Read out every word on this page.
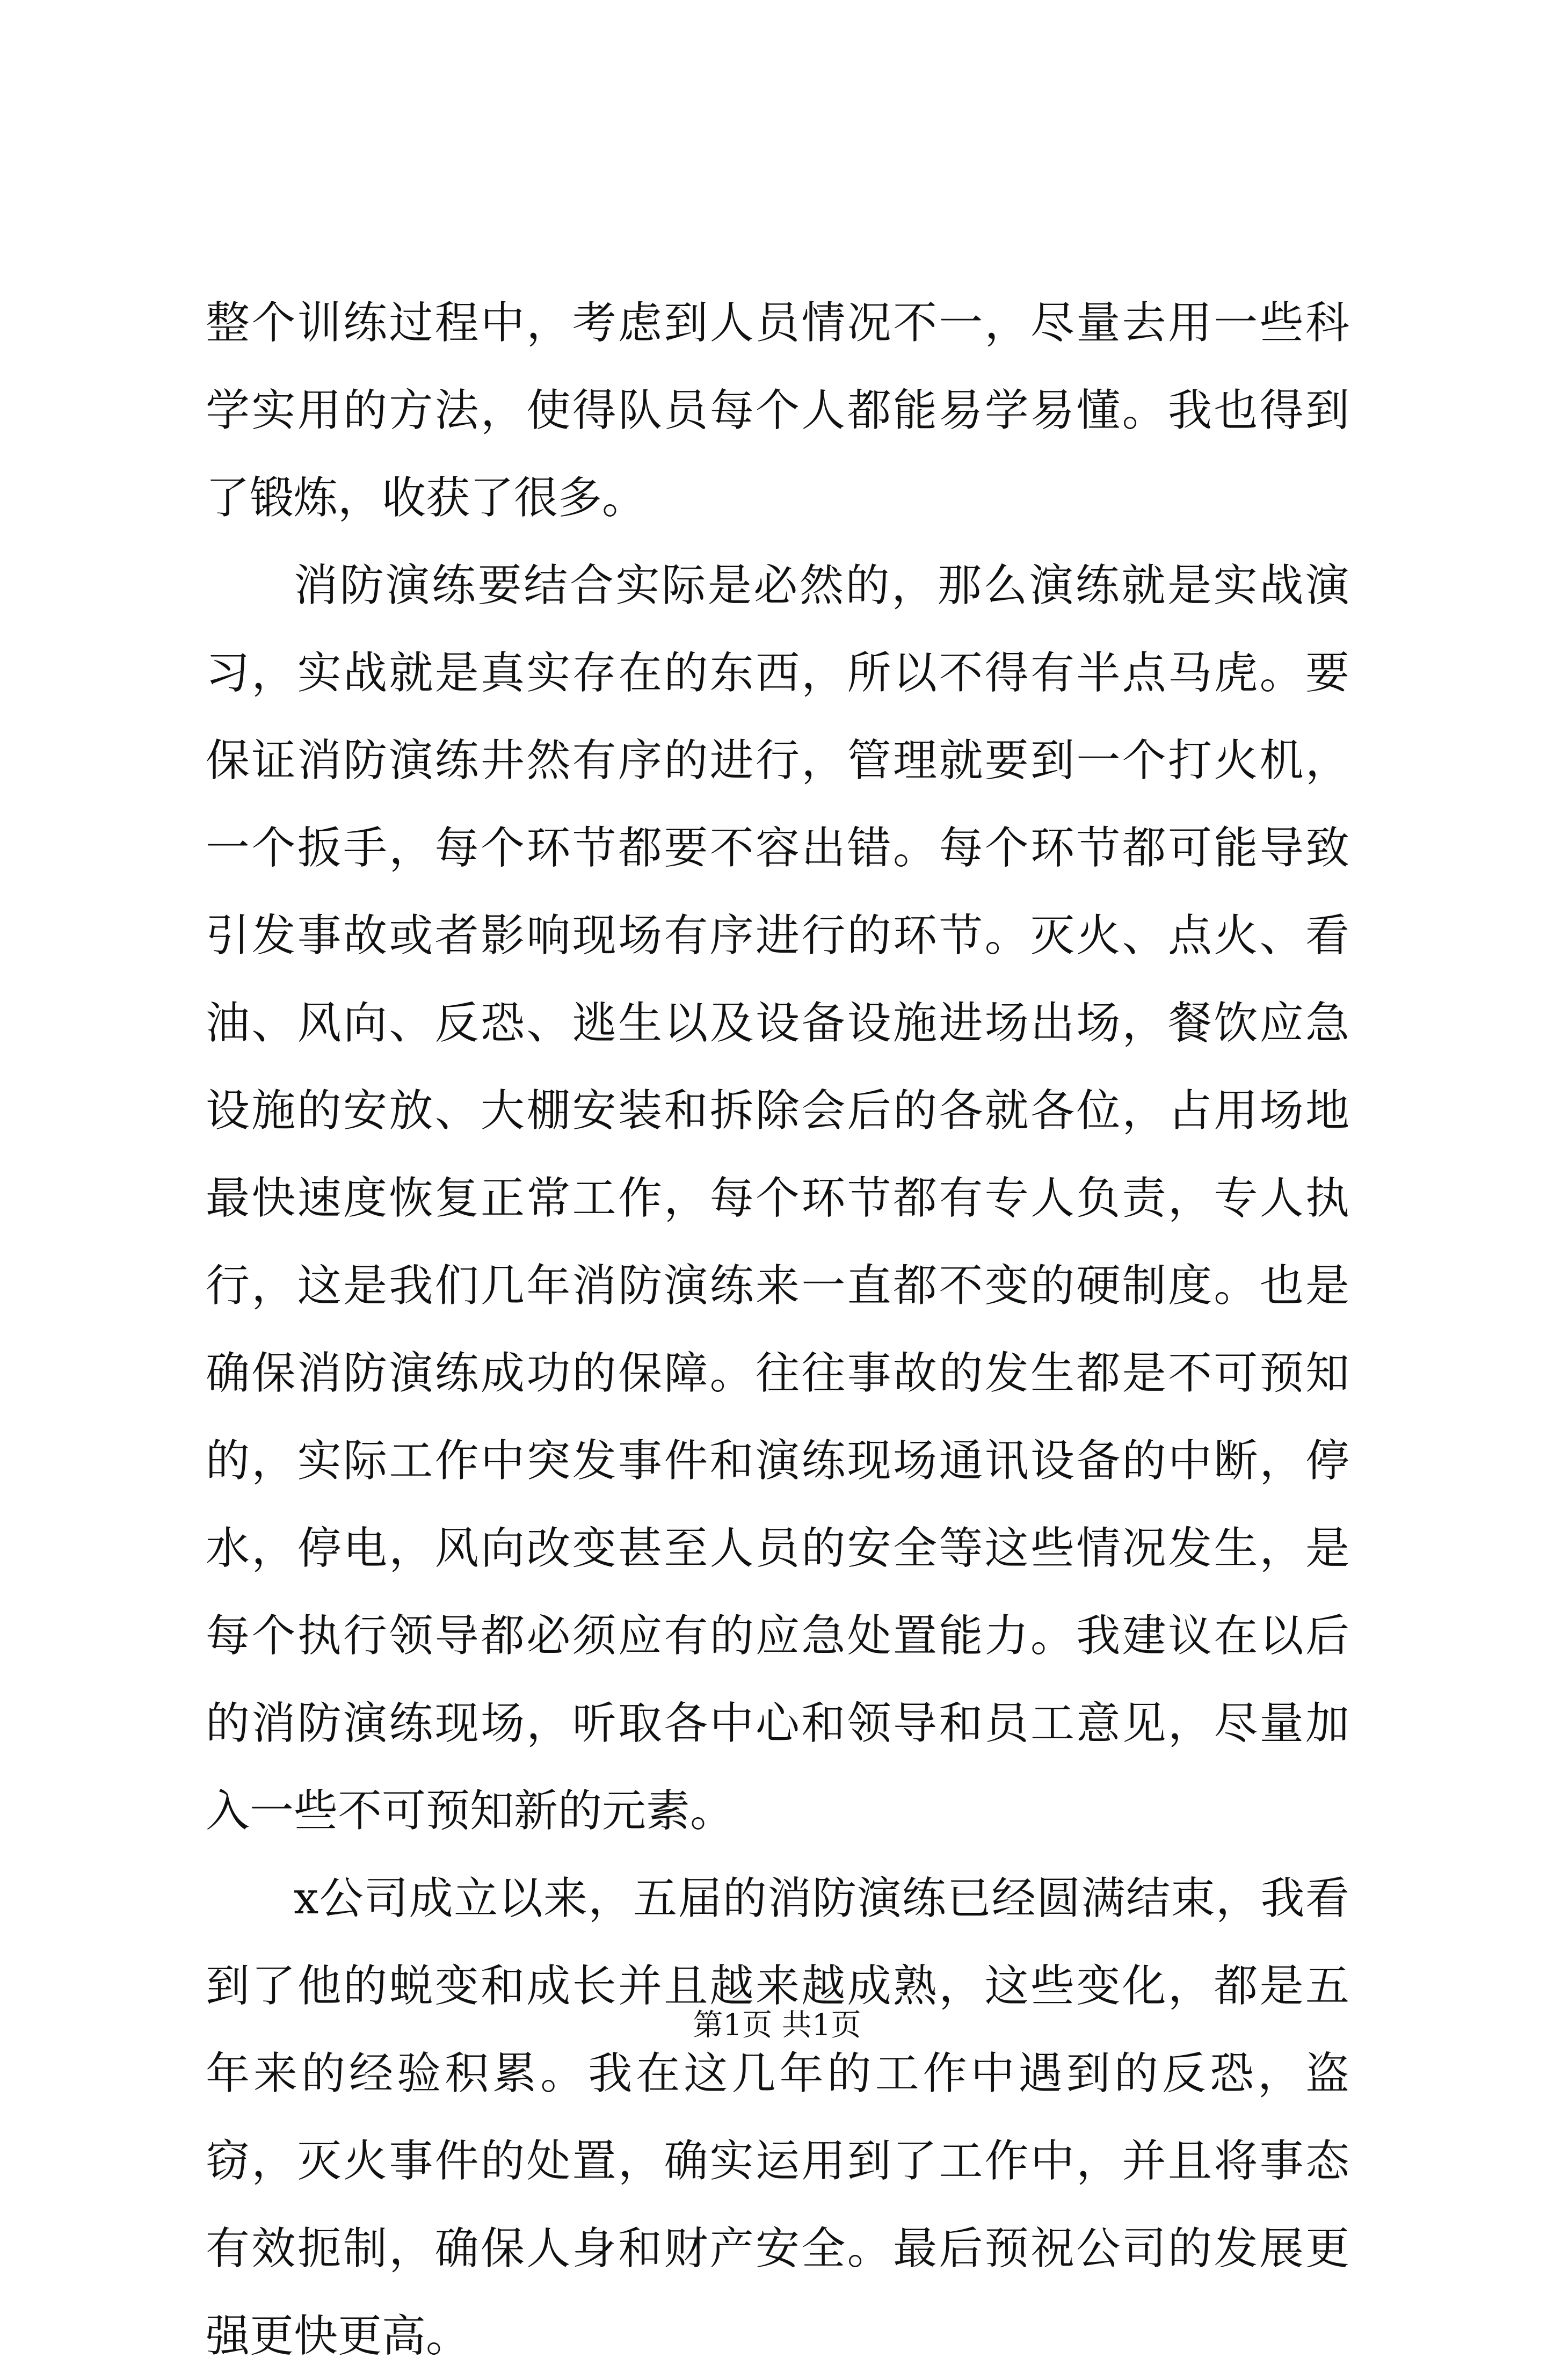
整个训练过程中，考虑到人员情况不一，尽量去用一些科学实用的方法，使得队员每个人都能易学易懂。我也得到了锻炼，收获了很多。

消防演练要结合实际是必然的，那么演练就是实战演习，实战就是真实存在的东西，所以不得有半点马虎。要保证消防演练井然有序的进行，管理就要到一个打火机，一个扳手，每个环节都要不容出错。每个环节都可能导致引发事故或者影响现场有序进行的环节。灭火、点火、看油、风向、反恐、逃生以及设备设施进场出场，餐饮应急设施的安放、大棚安装和拆除会后的各就各位，占用场地最快速度恢复正常工作，每个环节都有专人负责，专人执行，这是我们几年消防演练来一直都不变的硬制度。也是确保消防演练成功的保障。往往事故的发生都是不可预知的，实际工作中突发事件和演练现场通讯设备的中断，停水，停电，风向改变甚至人员的安全等这些情况发生，是每个执行领导都必须应有的应急处置能力。我建议在以后的消防演练现场，听取各中心和领导和员工意见，尽量加入一些不可预知新的元素。

x公司成立以来，五届的消防演练已经圆满结束，我看到了他的蜕变和成长并且越来越成熟，这些变化，都是五年来的经验积累。我在这几年的工作中遇到的反恐，盗窃，灭火事件的处置，确实运用到了工作中，并且将事态有效扼制，确保人身和财产安全。最后预祝公司的发展更强更快更高。

第1页 共1页
